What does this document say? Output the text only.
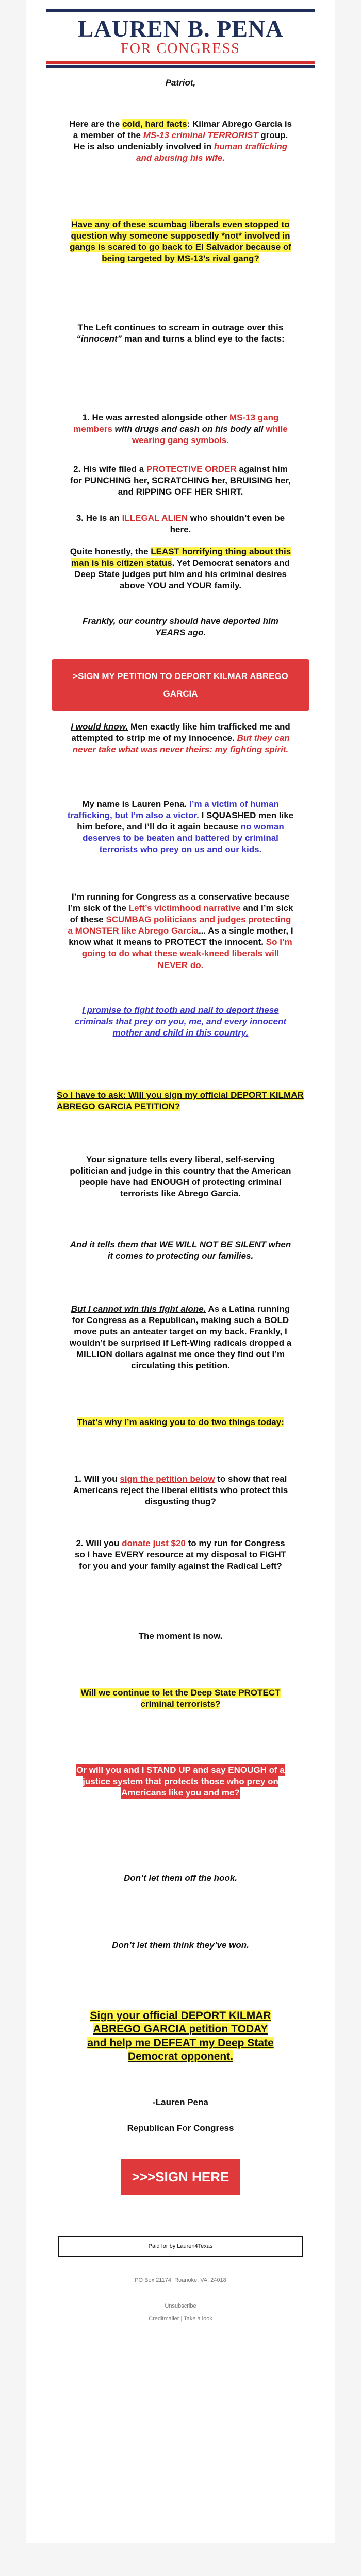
LAUREN B. PENA
FOR CONGRESS

Patriot,

Here are the cold, hard facts: Kilmar Abrego Garcia is a member of the MS-13 criminal TERRORIST group. He is also undeniably involved in human trafficking and abusing his wife.

Have any of these scumbag liberals even stopped to question why someone supposedly *not* involved in gangs is scared to go back to El Salvador because of being targeted by MS-13’s rival gang?

The Left continues to scream in outrage over this “innocent” man and turns a blind eye to the facts:

1. He was arrested alongside other MS-13 gang members with drugs and cash on his body all while wearing gang symbols.

2. His wife filed a PROTECTIVE ORDER against him for PUNCHING her, SCRATCHING her, BRUISING her, and RIPPING OFF HER SHIRT.

3. He is an ILLEGAL ALIEN who shouldn’t even be here.

Quite honestly, the LEAST horrifying thing about this man is his citizen status. Yet Democrat senators and Deep State judges put him and his criminal desires above YOU and YOUR family.

Frankly, our country should have deported him YEARS ago.

>SIGN MY PETITION TO DEPORT KILMAR ABREGO GARCIA

I would know. Men exactly like him trafficked me and attempted to strip me of my innocence. But they can never take what was never theirs: my fighting spirit.

My name is Lauren Pena. I’m a victim of human trafficking, but I’m also a victor. I SQUASHED men like him before, and I’ll do it again because no woman deserves to be beaten and battered by criminal terrorists who prey on us and our kids.

I’m running for Congress as a conservative because I’m sick of the Left’s victimhood narrative and I’m sick of these SCUMBAG politicians and judges protecting a MONSTER like Abrego Garcia... As a single mother, I know what it means to PROTECT the innocent. So I’m going to do what these weak-kneed liberals will NEVER do.

I promise to fight tooth and nail to deport these criminals that prey on you, me, and every innocent mother and child in this country.

So I have to ask: Will you sign my official DEPORT KILMAR ABREGO GARCIA PETITION?

Your signature tells every liberal, self-serving politician and judge in this country that the American people have had ENOUGH of protecting criminal terrorists like Abrego Garcia.

And it tells them that WE WILL NOT BE SILENT when it comes to protecting our families.

But I cannot win this fight alone. As a Latina running for Congress as a Republican, making such a BOLD move puts an anteater target on my back. Frankly, I wouldn’t be surprised if Left-Wing radicals dropped a MILLION dollars against me once they find out I’m circulating this petition.

That’s why I’m asking you to do two things today:

1. Will you sign the petition below to show that real Americans reject the liberal elitists who protect this disgusting thug?

2. Will you donate just $20 to my run for Congress so I have EVERY resource at my disposal to FIGHT for you and your family against the Radical Left?

The moment is now.

Will we continue to let the Deep State PROTECT criminal terrorists?

Or will you and I STAND UP and say ENOUGH of a justice system that protects those who prey on Americans like you and me?

Don’t let them off the hook.

Don’t let them think they’ve won.

Sign your official DEPORT KILMAR ABREGO GARCIA petition TODAY and help me DEFEAT my Deep State Democrat opponent.

-Lauren Pena

Republican For Congress

>>>SIGN HERE
Paid for by Lauren4Texas

PO Box 21174, Roanoke, VA, 24018

Unsubscribe

Creditmailer | Take a look
